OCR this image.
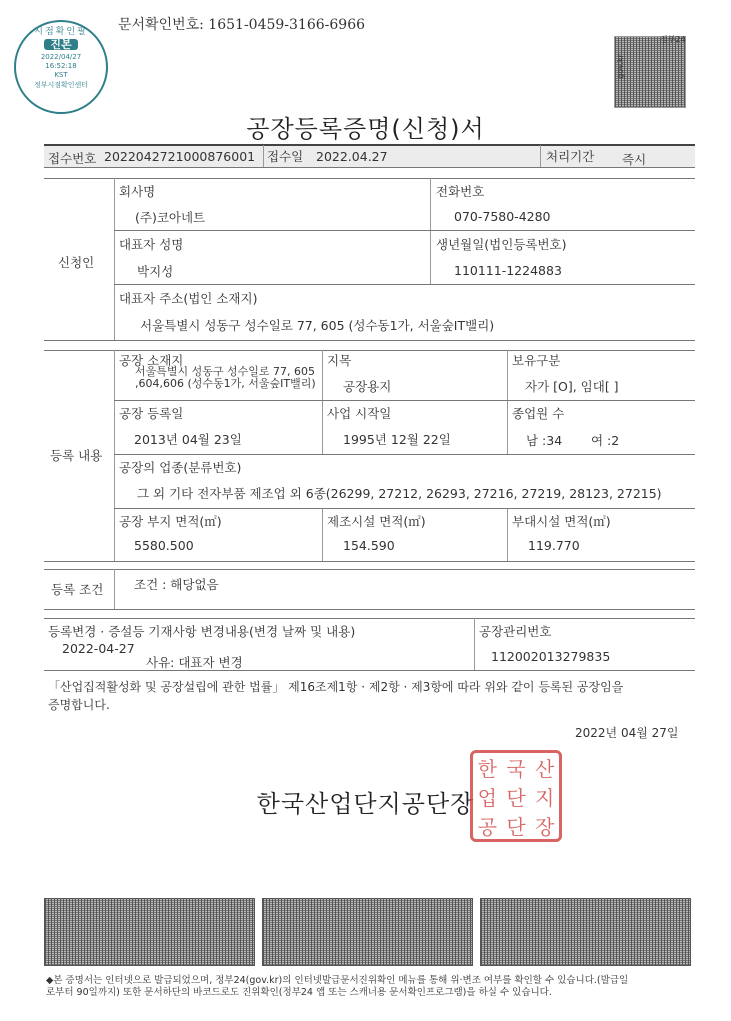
문서확인번호: 1651-0459-3166-6966
시점확인필
진본
2022/04/27
16:52:18
KST
정부시점확인센터
정부24
gov.kr
공장등록증명(신청)서
접수번호 2022042721000876001 접수일 2022.04.27	처리기간 즉시
신청인
회사명
(주)코아네트
전화번호
070-7580-4280
대표자 성명
박지성
생년월일(법인등록번호)
110111-1224883
대표자 주소(법인 소재지)
서울특별시 성동구 성수일로 77, 605 (성수동1가, 서울숲IT밸리)
등록 내용
공장 소재지
서울특별시 성동구 성수일로 77, 605
,604,606 (성수동1가, 서울숲IT밸리)
지목
공장용지
보유구분
자가 [O], 임대[ ]
공장 등록일
2013년 04월 23일
사업 시작일
1995년 12월 22일
종업원 수
남 :34 여 :2
공장의 업종(분류번호)
그 외 기타 전자부품 제조업 외 6종(26299, 27212, 26293, 27216, 27219, 28123, 27215)
공장 부지 면적(㎡)
5580.500
제조시설 면적(㎡)
154.590
부대시설 면적(㎡)
119.770
등록 조건 조건 : 해당없음
등록변경 · 증설등 기재사항 변경내용(변경 날짜 및 내용)
2022-04-27
사유: 대표자 변경
공장관리번호
112002013279835
「산업집적활성화 및 공장설립에 관한 법률」 제16조제1항 · 제2항 · 제3항에 따라 위와 같이 등록된 공장임을
증명합니다.
2022년 04월 27일
한국산업단지공단장
한 국 산
업 단 지
공 단 장
◆본 증명서는 인터넷으로 발급되었으며, 정부24(gov.kr)의 인터넷발급문서진위확인 메뉴를 통해 위·변조 여부를 확인할 수 있습니다.(발급일
로부터 90일까지) 또한 문서하단의 바코드로도 진위확인(정부24 앱 또는 스캐너용 문서확인프로그램)을 하실 수 있습니다.
